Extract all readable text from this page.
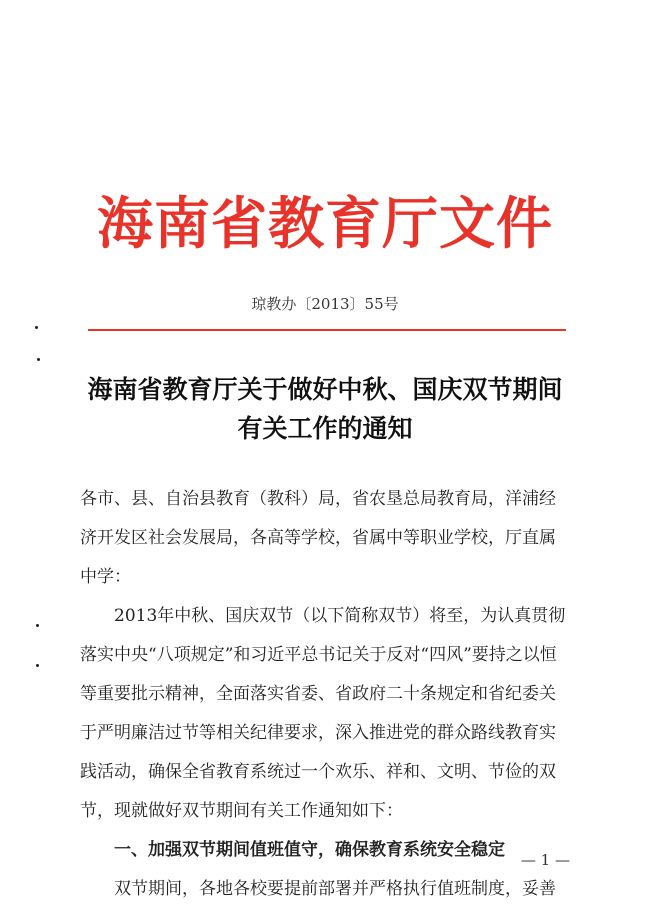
海南省教育厅文件
琼教办〔2013〕55号
海南省教育厅关于做好中秋、国庆双节期间
有关工作的通知

各市、县、自治县教育（教科）局，省农垦总局教育局，洋浦经济开发区社会发展局，各高等学校，省属中等职业学校，厅直属中学：

2013年中秋、国庆双节（以下简称双节）将至，为认真贯彻落实中央“八项规定”和习近平总书记关于反对“四风”要持之以恒等重要批示精神，全面落实省委、省政府二十条规定和省纪委关于严明廉洁过节等相关纪律要求，深入推进党的群众路线教育实践活动，确保全省教育系统过一个欢乐、祥和、文明、节俭的双节，现就做好双节期间有关工作通知如下：

一、加强双节期间值班值守，确保教育系统安全稳定

双节期间，各地各校要提前部署并严格执行值班制度，妥善

— 1 —
